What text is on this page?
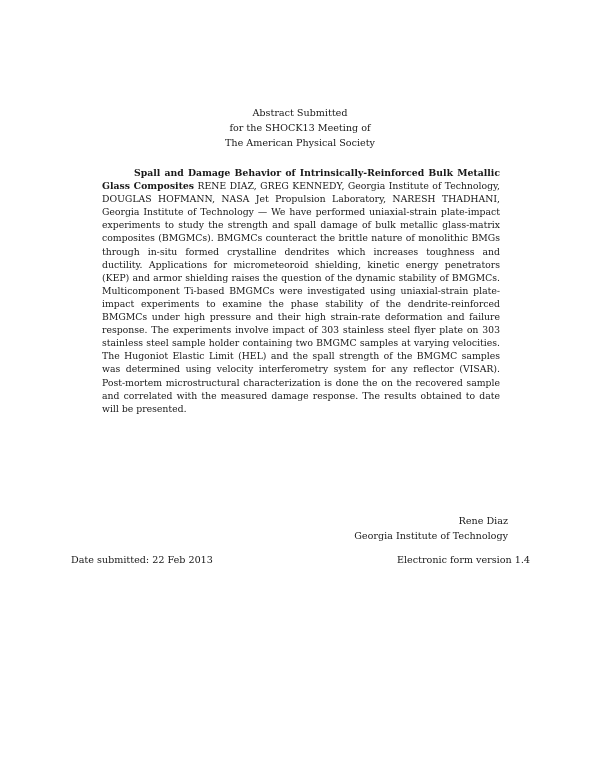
Abstract Submitted
for the SHOCK13 Meeting of
The American Physical Society
Spall and Damage Behavior of Intrinsically-Reinforced Bulk Metallic Glass Composites RENE DIAZ, GREG KENNEDY, Georgia Institute of Technology, DOUGLAS HOFMANN, NASA Jet Propulsion Laboratory, NARESH THADHANI, Georgia Institute of Technology — We have performed uniaxial-strain plate-impact experiments to study the strength and spall damage of bulk metallic glass-matrix composites (BMGMCs). BMGMCs counteract the brittle nature of monolithic BMGs through in-situ formed crystalline dendrites which increases toughness and ductility. Applications for micrometeoroid shielding, kinetic energy penetrators (KEP) and armor shielding raises the question of the dynamic stability of BMGMCs. Multicomponent Ti-based BMGMCs were investigated using uniaxial-strain plate-impact experiments to examine the phase stability of the dendrite-reinforced BMGMCs under high pressure and their high strain-rate deformation and failure response. The experiments involve impact of 303 stainless steel flyer plate on 303 stainless steel sample holder containing two BMGMC samples at varying velocities. The Hugoniot Elastic Limit (HEL) and the spall strength of the BMGMC samples was determined using velocity interferometry system for any reflector (VISAR). Post-mortem microstructural characterization is done the on the recovered sample and correlated with the measured damage response. The results obtained to date will be presented.
Rene Diaz
Georgia Institute of Technology
Date submitted: 22 Feb 2013	Electronic form version 1.4
